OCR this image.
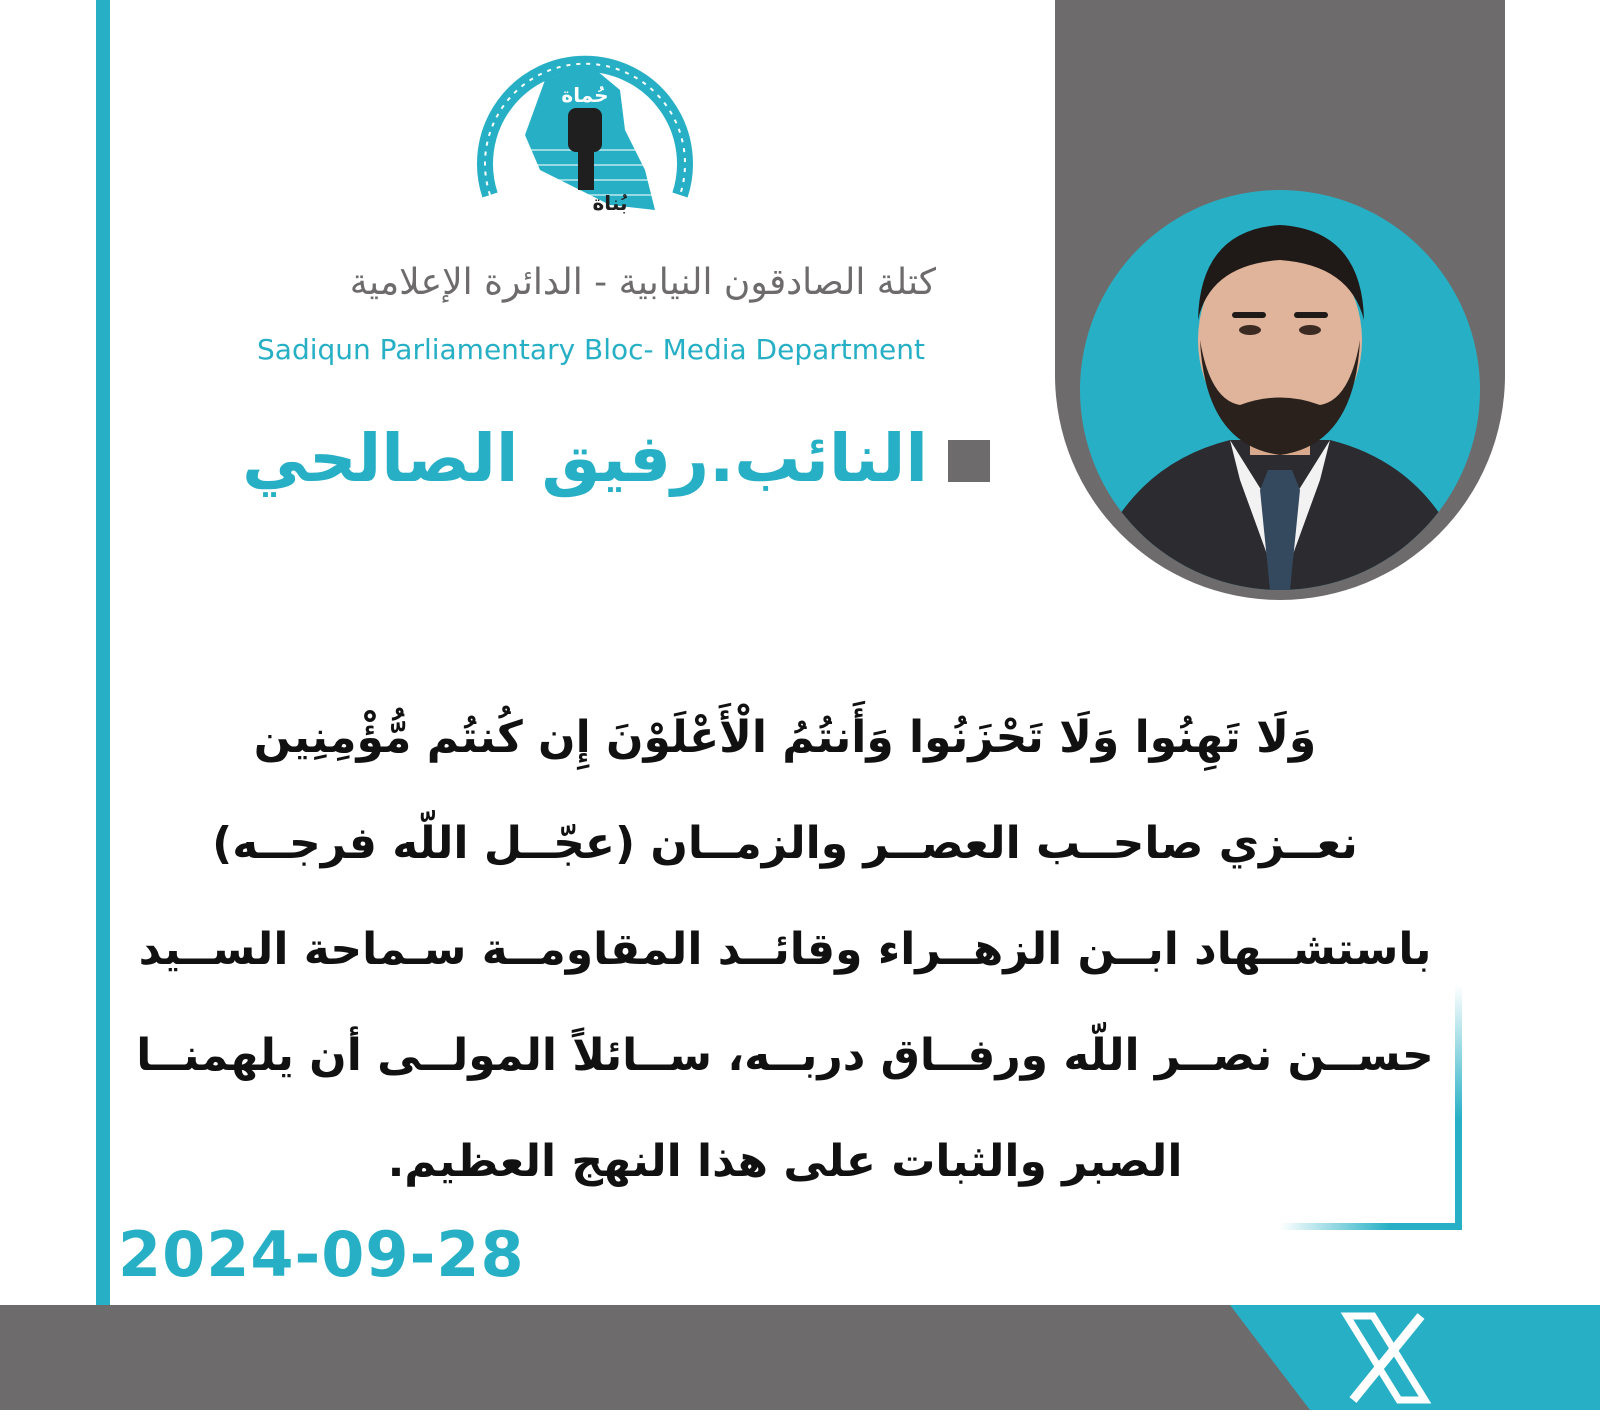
حُماة
بُناة
كتلة الصادقون النيابية - الدائرة الإعلامية
Sadiqun Parliamentary Bloc- Media Department
النائب.رفيق الصالحي
وَلَا تَهِنُوا وَلَا تَحْزَنُوا وَأَنتُمُ الْأَعْلَوْنَ إِن كُنتُم مُّؤْمِنِين
نعــزي صاحــب العصــر والزمــان (عجّــل اللّه فرجــه)
باستشــهاد ابــن الزهــراء وقائــد المقاومــة سـماحة الســيد
حســن نصــر اللّه ورفــاق دربــه، ســائلاً المولــى أن يلهمنــا
الصبر والثبات على هذا النهج العظيم.
2024-09-28
